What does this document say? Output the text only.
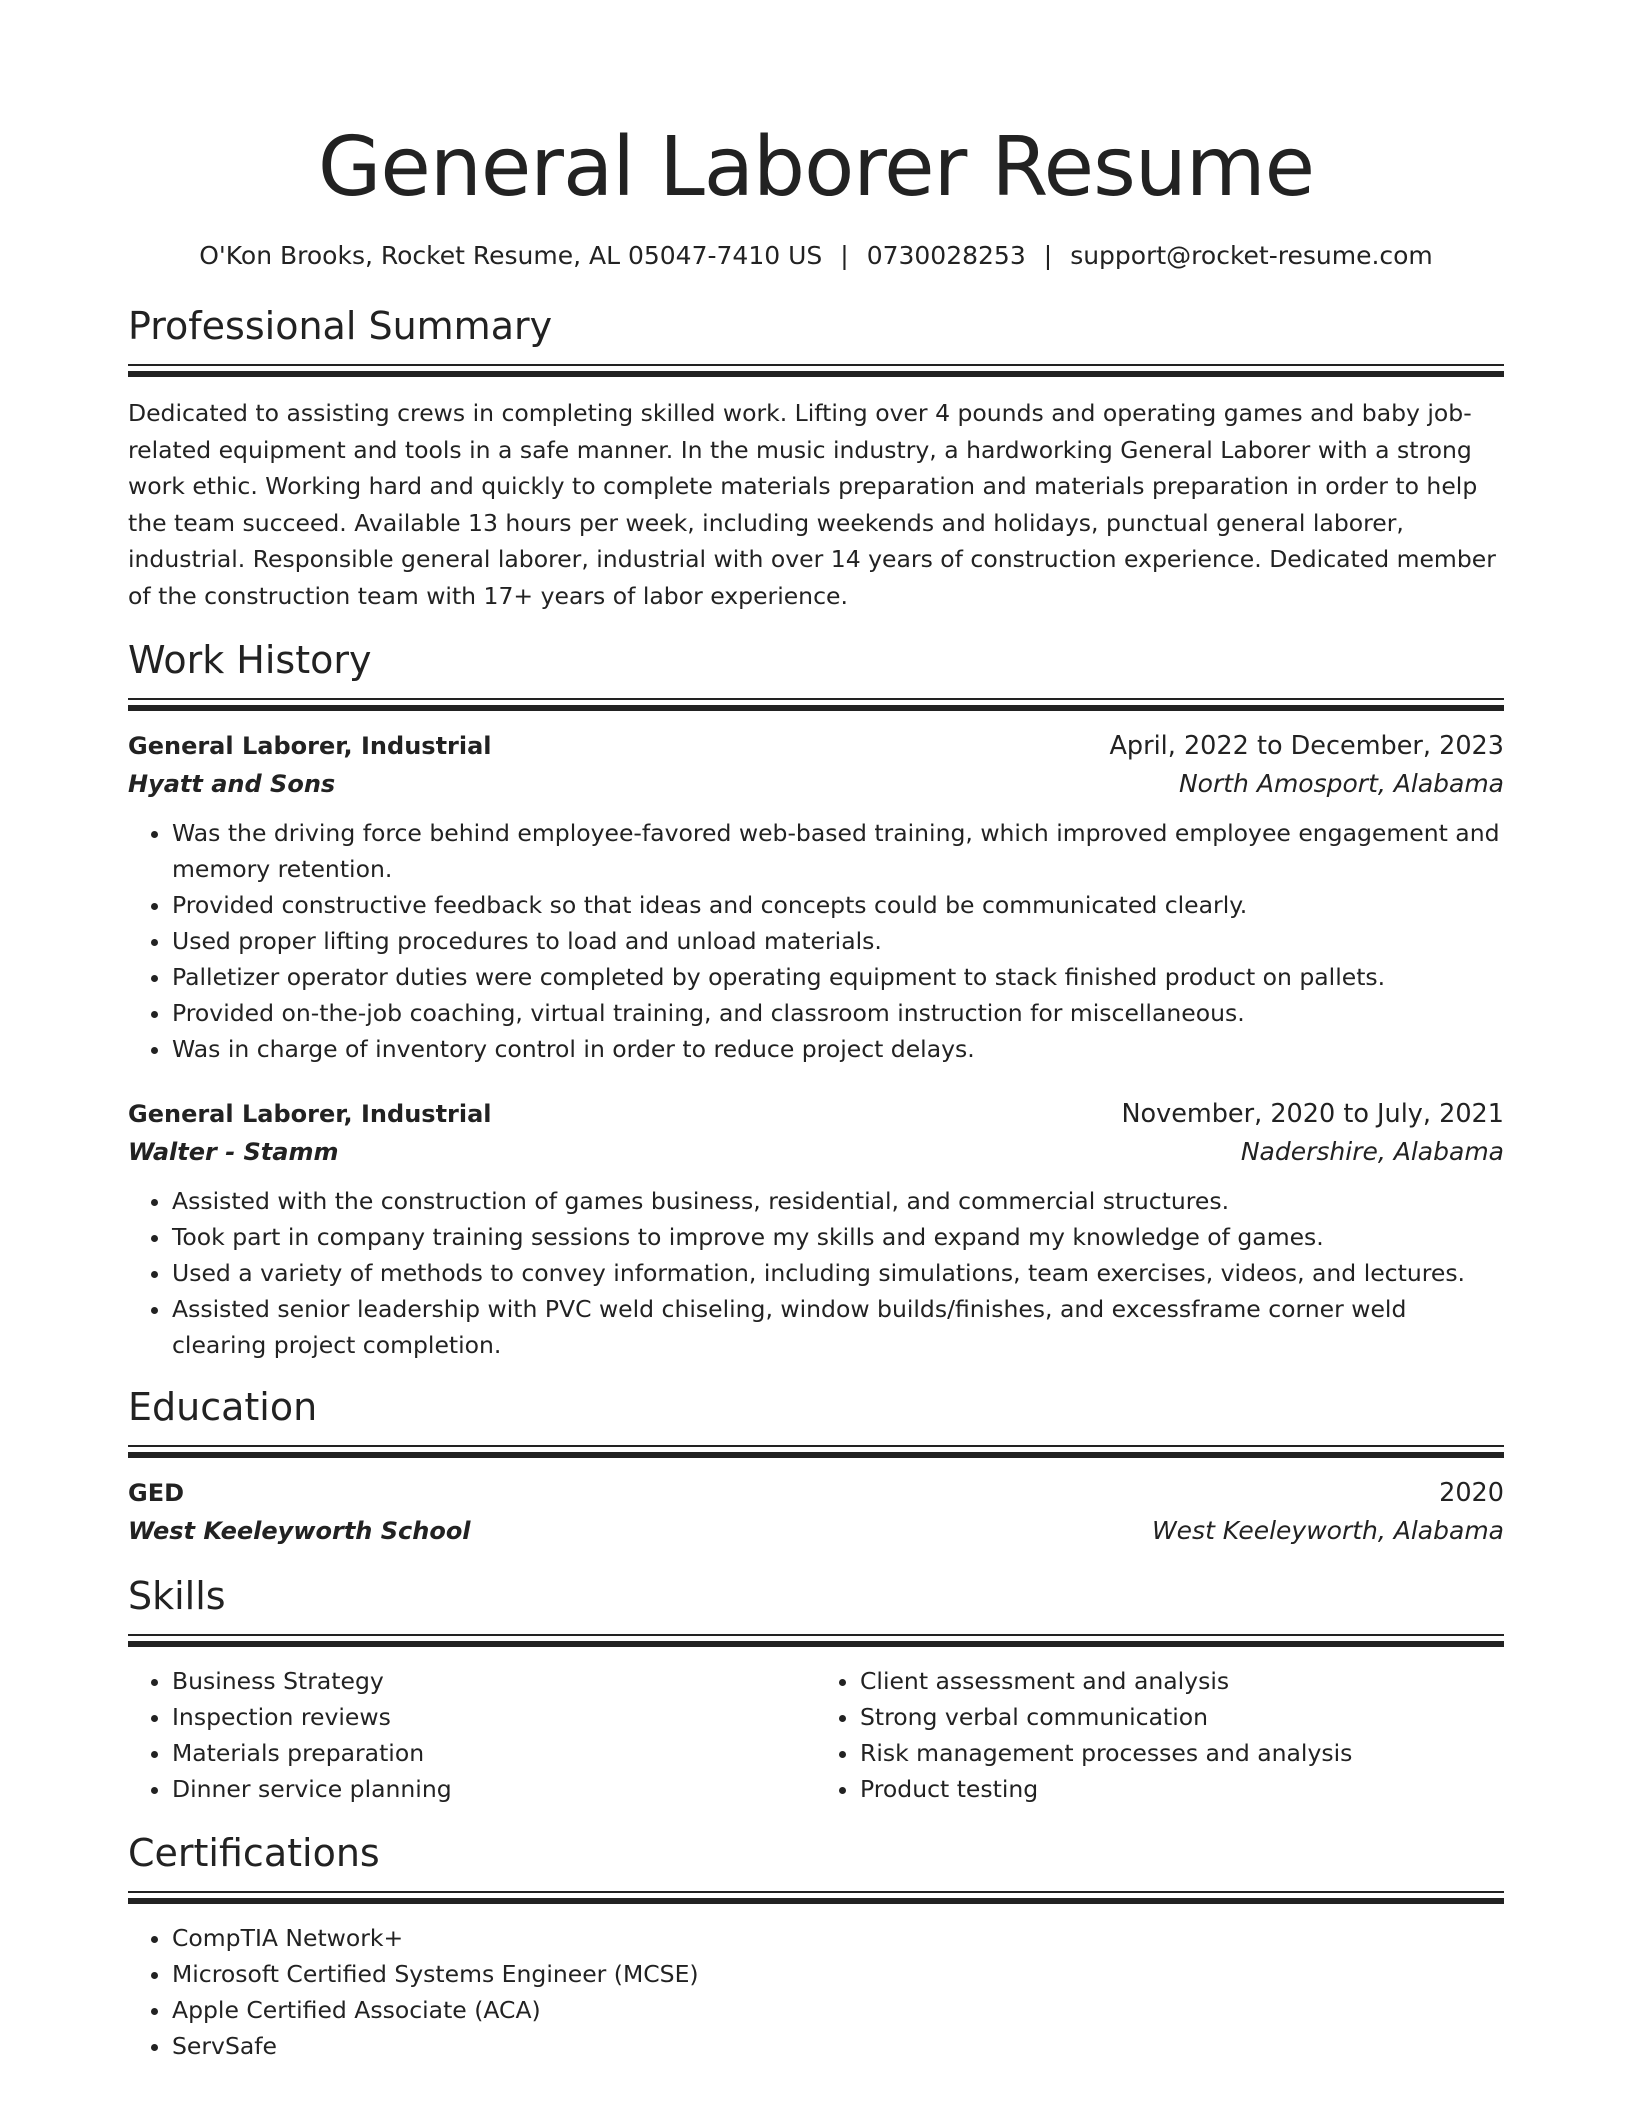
General Laborer Resume
O'Kon Brooks, Rocket Resume, AL 05047-7410 US | 0730028253 | support@rocket-resume.com
Professional Summary

Dedicated to assisting crews in completing skilled work. Lifting over 4 pounds and operating games and baby job-related equipment and tools in a safe manner. In the music industry, a hardworking General Laborer with a strong work ethic. Working hard and quickly to complete materials preparation and materials preparation in order to help the team succeed. Available 13 hours per week, including weekends and holidays, punctual general laborer, industrial. Responsible general laborer, industrial with over 14 years of construction experience. Dedicated member of the construction team with 17+ years of labor experience.

Work History
General Laborer, Industrial	April, 2022 to December, 2023
Hyatt and Sons	North Amosport, Alabama
• Was the driving force behind employee-favored web-based training, which improved employee engagement and memory retention.
• Provided constructive feedback so that ideas and concepts could be communicated clearly.
• Used proper lifting procedures to load and unload materials.
• Palletizer operator duties were completed by operating equipment to stack finished product on pallets.
• Provided on-the-job coaching, virtual training, and classroom instruction for miscellaneous.
• Was in charge of inventory control in order to reduce project delays.
General Laborer, Industrial	November, 2020 to July, 2021
Walter - Stamm	Nadershire, Alabama
• Assisted with the construction of games business, residential, and commercial structures.
• Took part in company training sessions to improve my skills and expand my knowledge of games.
• Used a variety of methods to convey information, including simulations, team exercises, videos, and lectures.
• Assisted senior leadership with PVC weld chiseling, window builds/finishes, and excessframe corner weld clearing project completion.
Education
GED	2020
West Keeleyworth School	West Keeleyworth, Alabama
Skills
• Business Strategy
• Inspection reviews
• Materials preparation
• Dinner service planning
• Client assessment and analysis
• Strong verbal communication
• Risk management processes and analysis
• Product testing
Certifications
• CompTIA Network+
• Microsoft Certified Systems Engineer (MCSE)
• Apple Certified Associate (ACA)
• ServSafe
